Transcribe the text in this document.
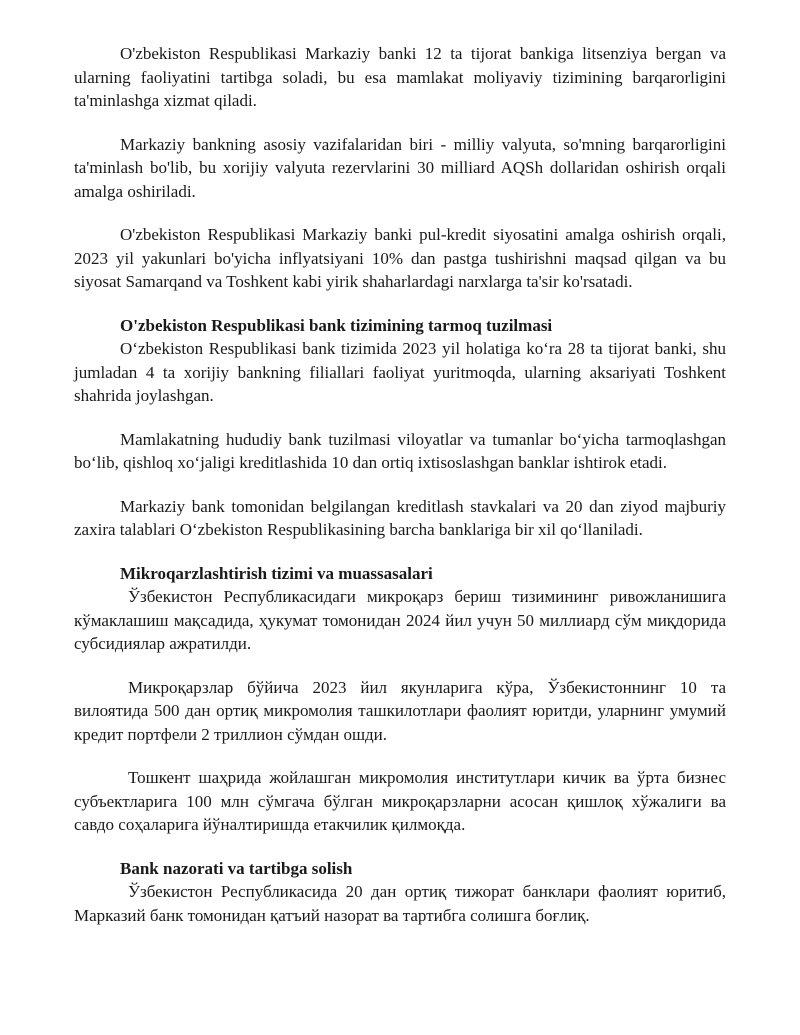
O'zbekiston Respublikasi Markaziy banki 12 ta tijorat bankiga litsenziya bergan va ularning faoliyatini tartibga soladi, bu esa mamlakat moliyaviy tizimining barqarorligini ta'minlashga xizmat qiladi.

Markaziy bankning asosiy vazifalaridan biri - milliy valyuta, so'mning barqarorligini ta'minlash bo'lib, bu xorijiy valyuta rezervlarini 30 milliard AQSh dollaridan oshirish orqali amalga oshiriladi.

O'zbekiston Respublikasi Markaziy banki pul-kredit siyosatini amalga oshirish orqali, 2023 yil yakunlari bo'yicha inflyatsiyani 10% dan pastga tushirishni maqsad qilgan va bu siyosat Samarqand va Toshkent kabi yirik shaharlardagi narxlarga ta'sir ko'rsatadi.

O'zbekiston Respublikasi bank tizimining tarmoq tuzilmasi

O‘zbekiston Respublikasi bank tizimida 2023 yil holatiga ko‘ra 28 ta tijorat banki, shu jumladan 4 ta xorijiy bankning filiallari faoliyat yuritmoqda, ularning aksariyati Toshkent shahrida joylashgan.

Mamlakatning hududiy bank tuzilmasi viloyatlar va tumanlar bo‘yicha tarmoqlashgan bo‘lib, qishloq xo‘jaligi kreditlashida 10 dan ortiq ixtisoslashgan banklar ishtirok etadi.

Markaziy bank tomonidan belgilangan kreditlash stavkalari va 20 dan ziyod majburiy zaxira talablari O‘zbekiston Respublikasining barcha banklariga bir xil qo‘llaniladi.

Mikroqarzlashtirish tizimi va muassasalari

Ўзбекистон Республикасидаги микроқарз бериш тизимининг ривожланишига кўмаклашиш мақсадида, ҳукумат томонидан 2024 йил учун 50 миллиард сўм миқдорида субсидиялар ажратилди.

Микроқарзлар бўйича 2023 йил якунларига кўра, Ўзбекистоннинг 10 та вилоятида 500 дан ортиқ микромолия ташкилотлари фаолият юритди, уларнинг умумий кредит портфели 2 триллион сўмдан ошди.

Тошкент шаҳрида жойлашган микромолия институтлари кичик ва ўрта бизнес субъектларига 100 млн сўмгача бўлган микроқарзларни асосан қишлоқ хўжалиги ва савдо соҳаларига йўналтиришда етакчилик қилмоқда.

Bank nazorati va tartibga solish

Ўзбекистон Республикасида 20 дан ортиқ тижорат банклари фаолият юритиб, Марказий банк томонидан қатъий назорат ва тартибга солишга боғлиқ.
